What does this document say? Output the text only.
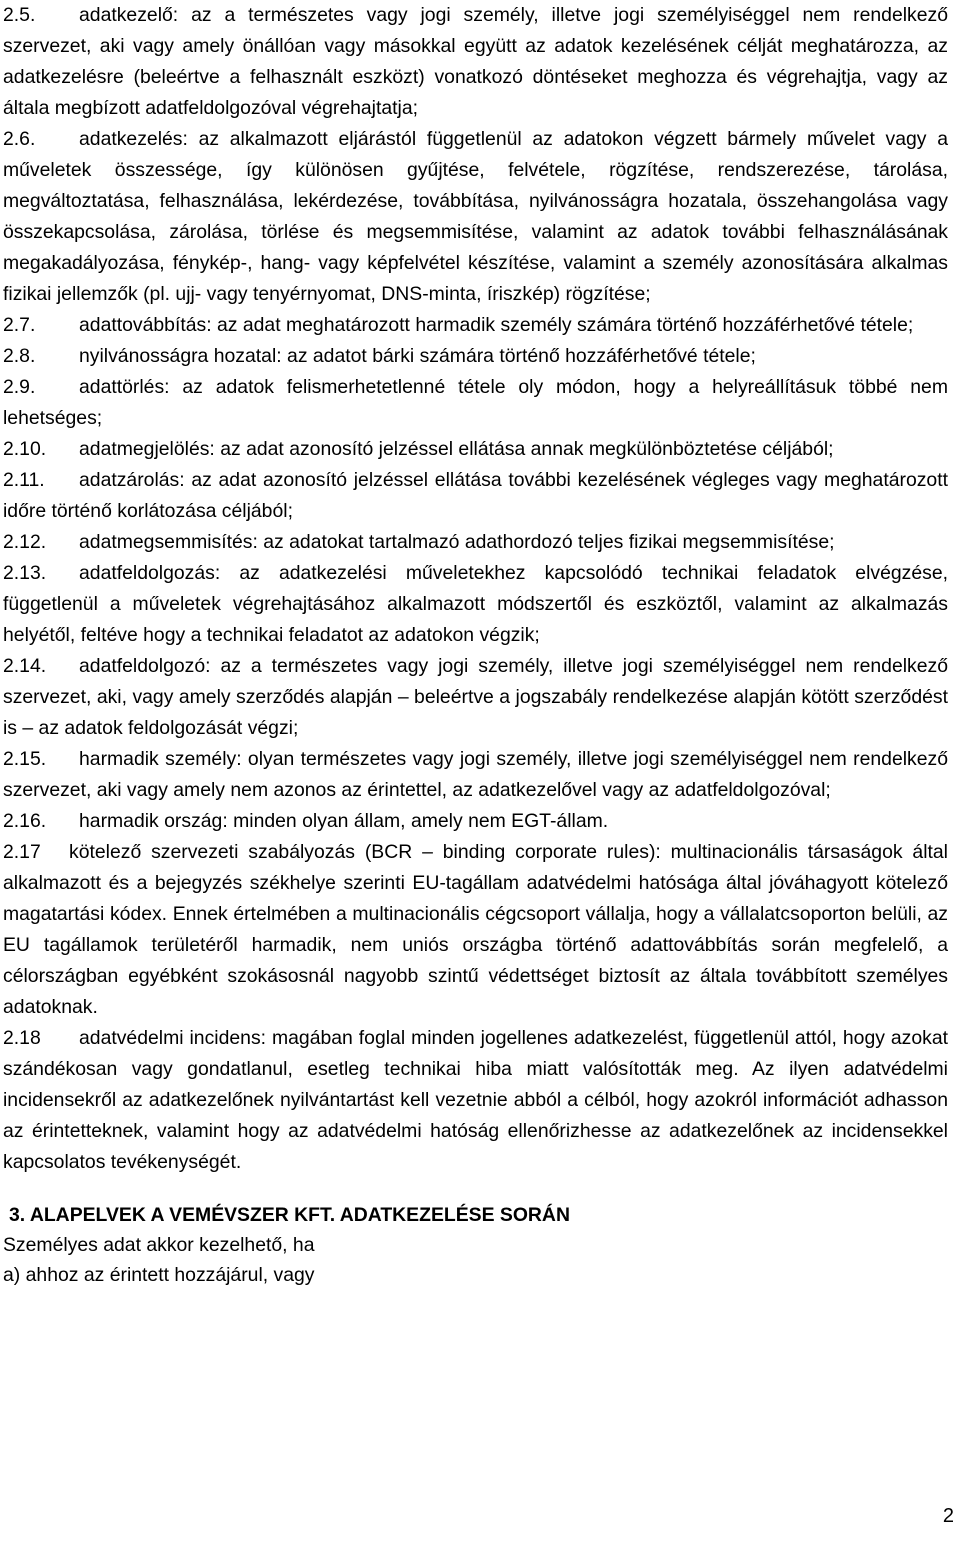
2.5. adatkezelő: az a természetes vagy jogi személy, illetve jogi személyiséggel nem rendelkező szervezet, aki vagy amely önállóan vagy másokkal együtt az adatok kezelésének célját meghatározza, az adatkezelésre (beleértve a felhasznált eszközt) vonatkozó döntéseket meghozza és végrehajtja, vagy az általa megbízott adatfeldolgozóval végrehajtatja;

2.6. adatkezelés: az alkalmazott eljárástól függetlenül az adatokon végzett bármely művelet vagy a műveletek összessége, így különösen gyűjtése, felvétele, rögzítése, rendszerezése, tárolása, megváltoztatása, felhasználása, lekérdezése, továbbítása, nyilvánosságra hozatala, összehangolása vagy összekapcsolása, zárolása, törlése és megsemmisítése, valamint az adatok további felhasználásának megakadályozása, fénykép-, hang- vagy képfelvétel készítése, valamint a személy azonosítására alkalmas fizikai jellemzők (pl. ujj- vagy tenyérnyomat, DNS-minta, íriszkép) rögzítése;

2.7. adattovábbítás: az adat meghatározott harmadik személy számára történő hozzáférhetővé tétele;

2.8. nyilvánosságra hozatal: az adatot bárki számára történő hozzáférhetővé tétele;

2.9. adattörlés: az adatok felismerhetetlenné tétele oly módon, hogy a helyreállításuk többé nem lehetséges;

2.10. adatmegjelölés: az adat azonosító jelzéssel ellátása annak megkülönböztetése céljából;

2.11. adatzárolás: az adat azonosító jelzéssel ellátása további kezelésének végleges vagy meghatározott időre történő korlátozása céljából;

2.12. adatmegsemmisítés: az adatokat tartalmazó adathordozó teljes fizikai megsemmisítése;

2.13. adatfeldolgozás: az adatkezelési műveletekhez kapcsolódó technikai feladatok elvégzése, függetlenül a műveletek végrehajtásához alkalmazott módszertől és eszköztől, valamint az alkalmazás helyétől, feltéve hogy a technikai feladatot az adatokon végzik;

2.14. adatfeldolgozó: az a természetes vagy jogi személy, illetve jogi személyiséggel nem rendelkező szervezet, aki, vagy amely szerződés alapján – beleértve a jogszabály rendelkezése alapján kötött szerződést is – az adatok feldolgozását végzi;

2.15. harmadik személy: olyan természetes vagy jogi személy, illetve jogi személyiséggel nem rendelkező szervezet, aki vagy amely nem azonos az érintettel, az adatkezelővel vagy az adatfeldolgozóval;

2.16. harmadik ország: minden olyan állam, amely nem EGT-állam.

2.17 kötelező szervezeti szabályozás (BCR – binding corporate rules): multinacionális társaságok által alkalmazott és a bejegyzés székhelye szerinti EU-tagállam adatvédelmi hatósága által jóváhagyott kötelező magatartási kódex. Ennek értelmében a multinacionális cégcsoport vállalja, hogy a vállalatcsoporton belüli, az EU tagállamok területéről harmadik, nem uniós országba történő adattovábbítás során megfelelő, a célországban egyébként szokásosnál nagyobb szintű védettséget biztosít az általa továbbított személyes adatoknak.

2.18 adatvédelmi incidens: magában foglal minden jogellenes adatkezelést, függetlenül attól, hogy azokat szándékosan vagy gondatlanul, esetleg technikai hiba miatt valósították meg. Az ilyen adatvédelmi incidensekről az adatkezelőnek nyilvántartást kell vezetnie abból a célból, hogy azokról információt adhasson az érintetteknek, valamint hogy az adatvédelmi hatóság ellenőrizhesse az adatkezelőnek az incidensekkel kapcsolatos tevékenységét.

3. ALAPELVEK A VEMÉVSZER KFT. ADATKEZELÉSE SORÁN

Személyes adat akkor kezelhető, ha

a) ahhoz az érintett hozzájárul, vagy

2
